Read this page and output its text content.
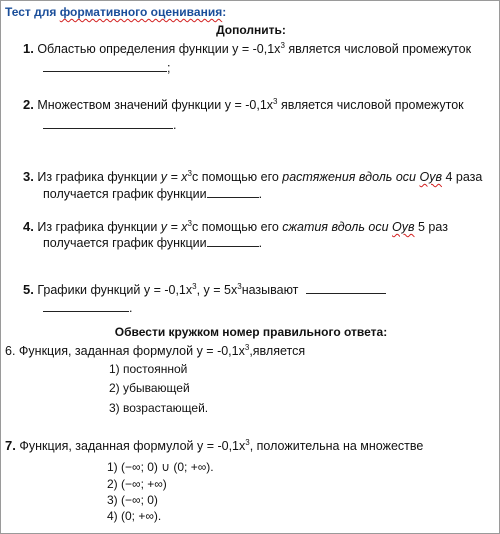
Тест для формативного оценивания:
Дополнить:
1. Областью определения функции $y = -0,1x^3$ является числовой промежуток
;
2. Множеством значений функции $y = -0,1x^3$ является числовой промежуток
.
3. Из графика функции $y = x^3с$ помощью его растяжения вдоль оси Оув 4 раза
получается график функции	.
4. Из графика функции $y = x^3с$ помощью его сжатия вдоль оси Оув 5 раз
получается график функции	.
5. Графики функций $y = -0,1x^3$, $y = 5x^3называют$
.
Обвести кружком номер правильного ответа:
6. Функция, заданная формулой $y = -0,1x^3,является$
1) постоянной
2) убывающей
3) возрастающей.
7. Функция, заданная формулой $y = -0,1x^3$, положительна на множестве
1) (−∞; 0) ∪ (0; +∞).
2) (−∞; +∞)
3) (−∞; 0)
4) (0; +∞).
